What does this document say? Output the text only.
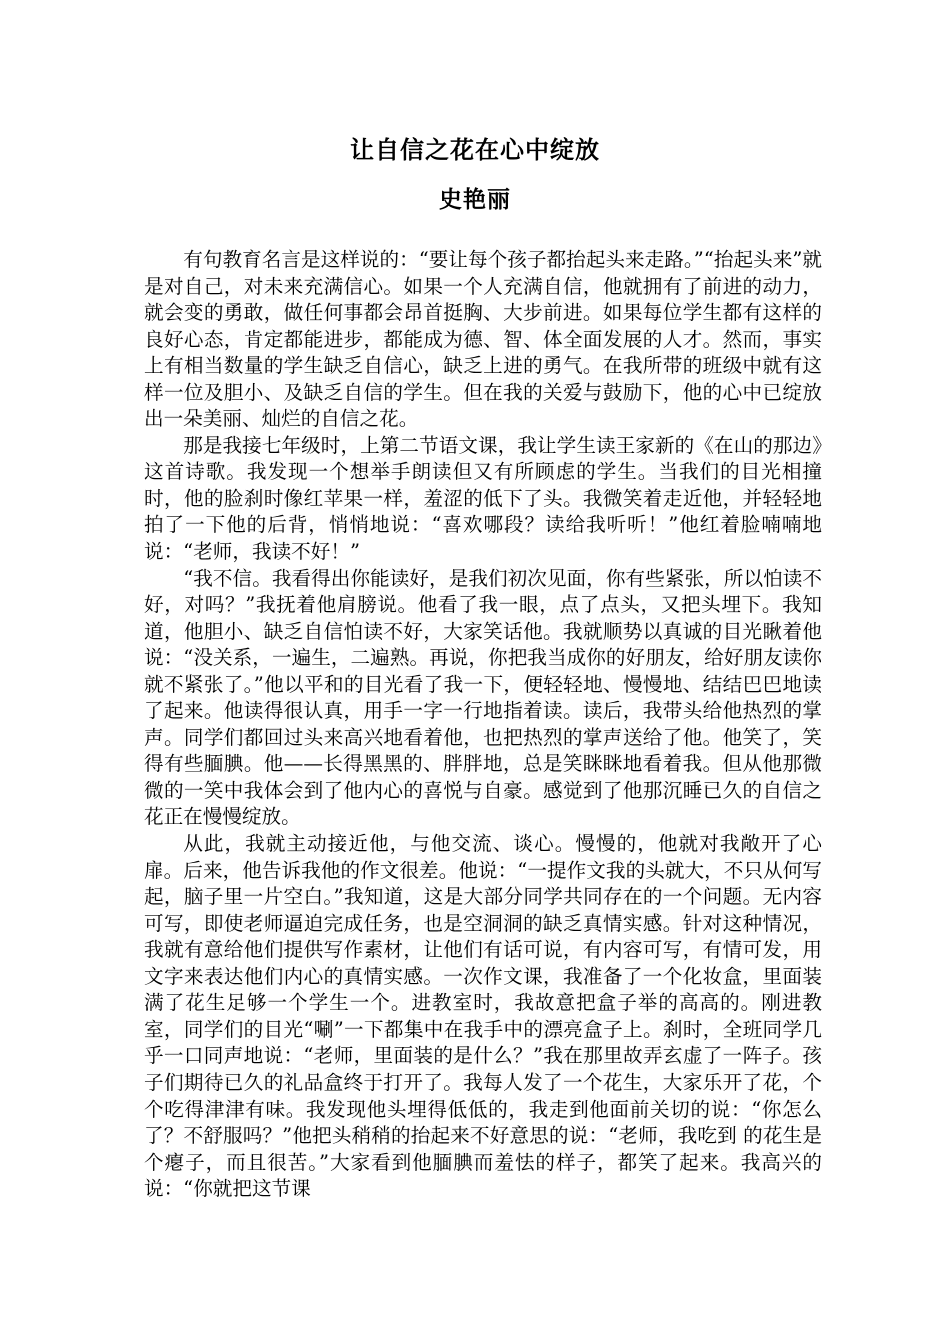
让自信之花在心中绽放
史艳丽

有句教育名言是这样说的：“要让每个孩子都抬起头来走路。”“抬起头来”就是对自己，对未来充满信心。如果一个人充满自信，他就拥有了前进的动力，就会变的勇敢，做任何事都会昂首挺胸、大步前进。如果每位学生都有这样的良好心态，肯定都能进步，都能成为德、智、体全面发展的人才。然而，事实上有相当数量的学生缺乏自信心，缺乏上进的勇气。在我所带的班级中就有这样一位及胆小、及缺乏自信的学生。但在我的关爱与鼓励下，他的心中已绽放出一朵美丽、灿烂的自信之花。

那是我接七年级时，上第二节语文课，我让学生读王家新的《在山的那边》这首诗歌。我发现一个想举手朗读但又有所顾虑的学生。当我们的目光相撞时，他的脸刹时像红苹果一样，羞涩的低下了头。我微笑着走近他，并轻轻地拍了一下他的后背，悄悄地说：“喜欢哪段？读给我听听！”他红着脸喃喃地说：“老师，我读不好！”

“我不信。我看得出你能读好，是我们初次见面，你有些紧张，所以怕读不好，对吗？”我抚着他肩膀说。他看了我一眼，点了点头，又把头埋下。我知道，他胆小、缺乏自信怕读不好，大家笑话他。我就顺势以真诚的目光瞅着他说：“没关系，一遍生，二遍熟。再说，你把我当成你的好朋友，给好朋友读你就不紧张了。”他以平和的目光看了我一下，便轻轻地、慢慢地、结结巴巴地读了起来。他读得很认真，用手一字一行地指着读。读后，我带头给他热烈的掌声。同学们都回过头来高兴地看着他，也把热烈的掌声送给了他。他笑了，笑得有些腼腆。他——长得黑黑的、胖胖地，总是笑眯眯地看着我。但从他那微微的一笑中我体会到了他内心的喜悦与自豪。感觉到了他那沉睡已久的自信之花正在慢慢绽放。

从此，我就主动接近他，与他交流、谈心。慢慢的，他就对我敞开了心扉。后来，他告诉我他的作文很差。他说：“一提作文我的头就大，不只从何写起，脑子里一片空白。”我知道，这是大部分同学共同存在的一个问题。无内容可写，即使老师逼迫完成任务，也是空洞洞的缺乏真情实感。针对这种情况，我就有意给他们提供写作素材，让他们有话可说，有内容可写，有情可发，用文字来表达他们内心的真情实感。一次作文课，我准备了一个化妆盒，里面装满了花生足够一个学生一个。进教室时，我故意把盒子举的高高的。刚进教室，同学们的目光“唰”一下都集中在我手中的漂亮盒子上。刹时，全班同学几乎一口同声地说：“老师，里面装的是什么？”我在那里故弄玄虚了一阵子。孩子们期待已久的礼品盒终于打开了。我每人发了一个花生，大家乐开了花，个个吃得津津有味。我发现他头埋得低低的，我走到他面前关切的说：“你怎么了？不舒服吗？”他把头稍稍的抬起来不好意思的说：“老师，我吃到 的花生是个瘪子，而且很苦。”大家看到他腼腆而羞怯的样子，都笑了起来。我高兴的说：“你就把这节课
